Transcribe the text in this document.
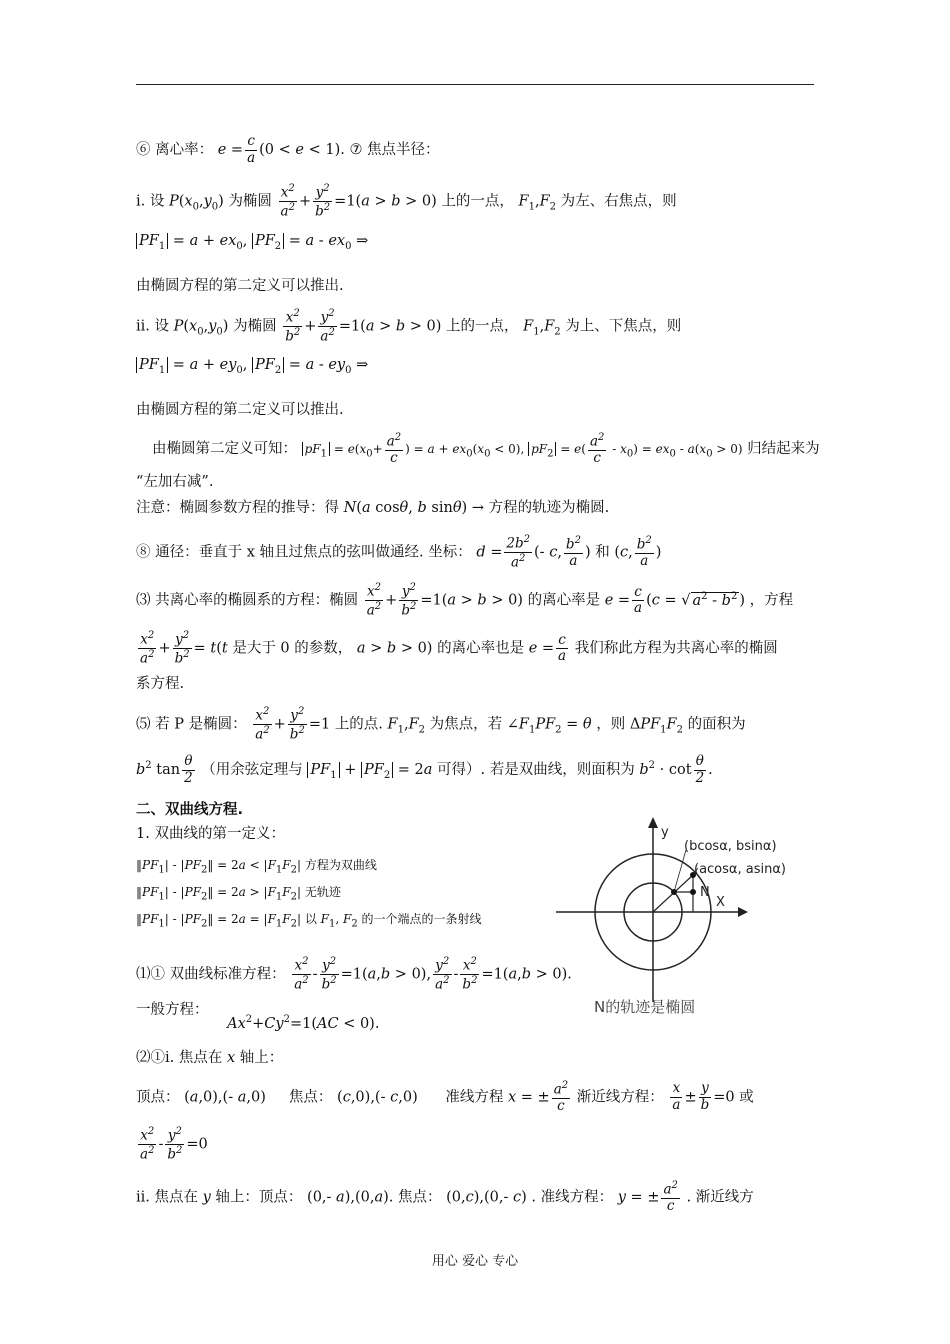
⑥ 离心率： $e = \frac{c}{a} (0 < e < 1)$. ⑦ 焦点半径：
i. 设 $P(x_0,y_0)$ 为椭圆 $\frac{x^2}{a^2} + \frac{y^2}{b^2} =1(a > b > 0)$ 上的一点， $F_1,F_2$ 为左、右焦点，则
$PF_1 = a + ex_0$, $PF_2 = a - ex_0$ ⇒
由椭圆方程的第二定义可以推出.
ii. 设 $P(x_0,y_0)$ 为椭圆 $\frac{x^2}{b^2} + \frac{y^2}{a^2} =1(a > b > 0)$ 上的一点， $F_1,F_2$ 为上、下焦点，则
$PF_1 = a + ey_0$, $PF_2 = a - ey_0$ ⇒
由椭圆方程的第二定义可以推出.
由椭圆第二定义可知： $pF_1 = e(x_0+ \frac{a^2}{c}$ ) = $a + ex_0(x_0 < 0)$, $pF_2 = e( \frac{a^2}{c} - x_0) = ex_0 - a(x_0 > 0)$ 归结起来为
“左加右减”.
注意：椭圆参数方程的推导：得 N(a cosθ, b sinθ) → 方程的轨迹为椭圆.
⑧ 通径：垂直于 x 轴且过焦点的弦叫做通经. 坐标： $d = \frac{2b^2}{a^2}$ (- c, $\frac{b^2}{a}$ ) 和 (c, $\frac{b^2}{a}$ )
⑶ 共离心率的椭圆系的方程：椭圆 $\frac{x^2}{a^2} + \frac{y^2}{b^2} =1(a > b > 0)$ 的离心率是 $e = \frac{c}{a} (c$ = √ $a^2 - b^2$ ) ，方程
$\frac{x^2}{a^2} + \frac{y^2}{b^2} = t(t$ 是大于 0 的参数， a > b > 0) 的离心率也是 $e = \frac{c}{a}$ 我们称此方程为共离心率的椭圆
系方程.
⑸ 若 P 是椭圆： $\frac{x^2}{a^2} + \frac{y^2}{b^2} =1$ 上的点. $F_1,F_2$ 为焦点，若 $\angle F_1PF_2 = \theta$ ，则 $\Delta PF_1F_2$ 的面积为
$b^2$ $\tan \frac{\theta}{2}$ （用余弦定理与 $PF_1 + PF_2 = 2a$ 可得）. 若是双曲线，则面积为 $b^2 \cdot \cot \frac{\theta}{2}$ .
二、双曲线方程.
1. 双曲线的第一定义：
$‖PF_1|$ - $|PF_2‖ = 2a < |F_1F_2|$ 方程为双曲线
$‖PF_1|$ - $|PF_2‖ = 2a > |F_1F_2|$ 无轨迹
$‖PF_1|$ - $|PF_2‖ = 2a = |F_1F_2|$ 以 $F_1$, $F_2$ 的一个端点的一条射线
y
X
N
(bcosα, bsinα)
(acosα, asinα)
N的轨迹是椭圆
⑴① 双曲线标准方程： $\frac{x^2}{a^2} - \frac{y^2}{b^2} =1(a,b > 0)$, $\frac{y^2}{a^2} - \frac{x^2}{b^2} =1(a,b > 0)$.
一般方程： $Ax^2+Cy^2=1(AC < 0)$.
⑵①i. 焦点在 x 轴上：
顶点： (a,0),(- a,0)     焦点： (c,0),(- c,0)      准线方程 x = ± $\frac{a^2}{c}$ 渐近线方程： $\frac{x}{a} \pm \frac{y}{b} =0$ 或
$\frac{x^2}{a^2} - \frac{y^2}{b^2} =0$
ii. 焦点在 y 轴上：顶点： (0,- a),(0,a). 焦点： (0,c),(0,- c) . 准线方程： y = ± $\frac{a^2}{c}$ . 渐近线方
用心 爱心 专心
